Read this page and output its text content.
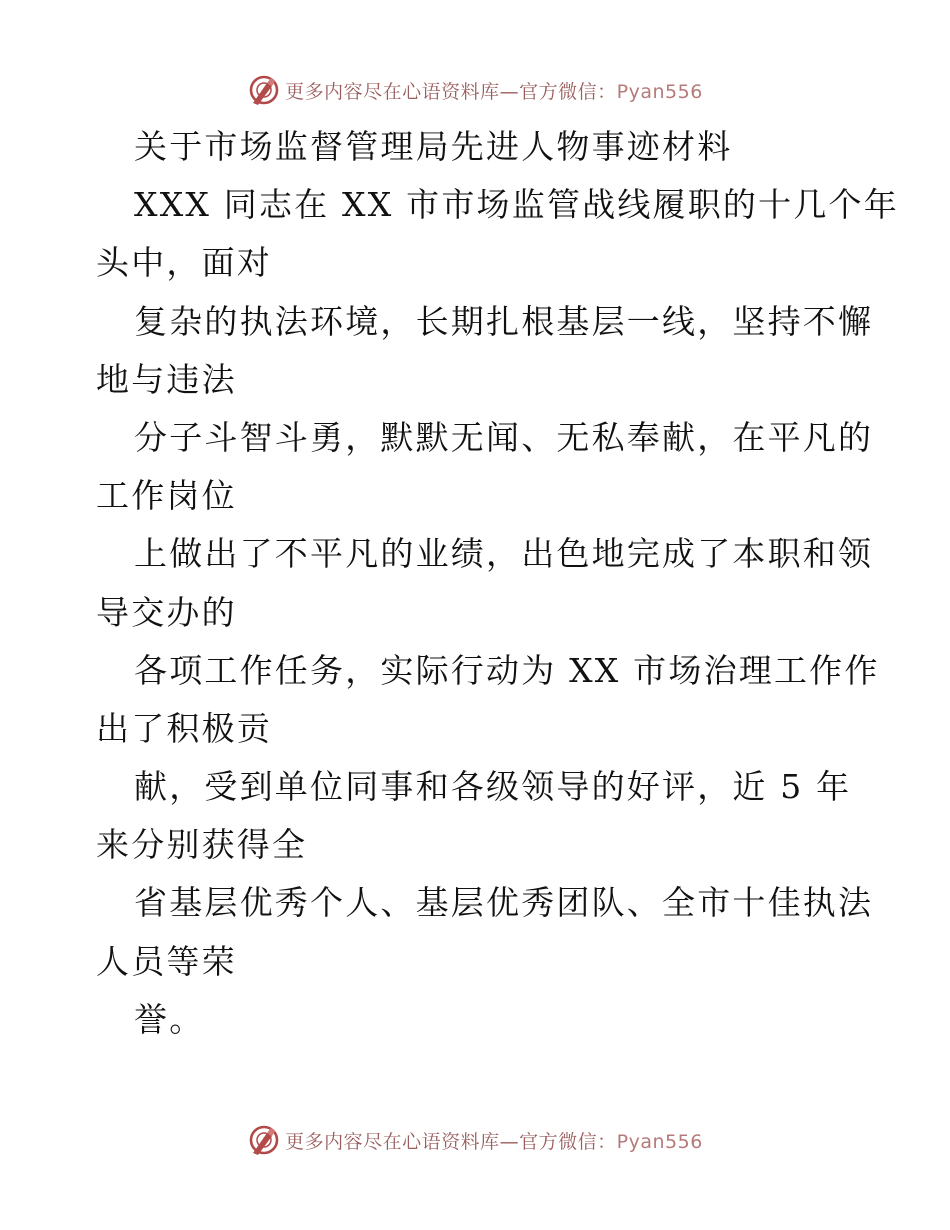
更多内容尽在心语资料库—官方微信：Pyan556
关于市场监督管理局先进人物事迹材料
XXX 同志在 XX 市市场监管战线履职的十几个年
头中，面对
复杂的执法环境，长期扎根基层一线，坚持不懈
地与违法
分子斗智斗勇，默默无闻、无私奉献，在平凡的
工作岗位
上做出了不平凡的业绩，出色地完成了本职和领
导交办的
各项工作任务，实际行动为 XX 市场治理工作作
出了积极贡
献，受到单位同事和各级领导的好评，近 5 年
来分别获得全
省基层优秀个人、基层优秀团队、全市十佳执法
人员等荣
誉。
更多内容尽在心语资料库—官方微信：Pyan556
